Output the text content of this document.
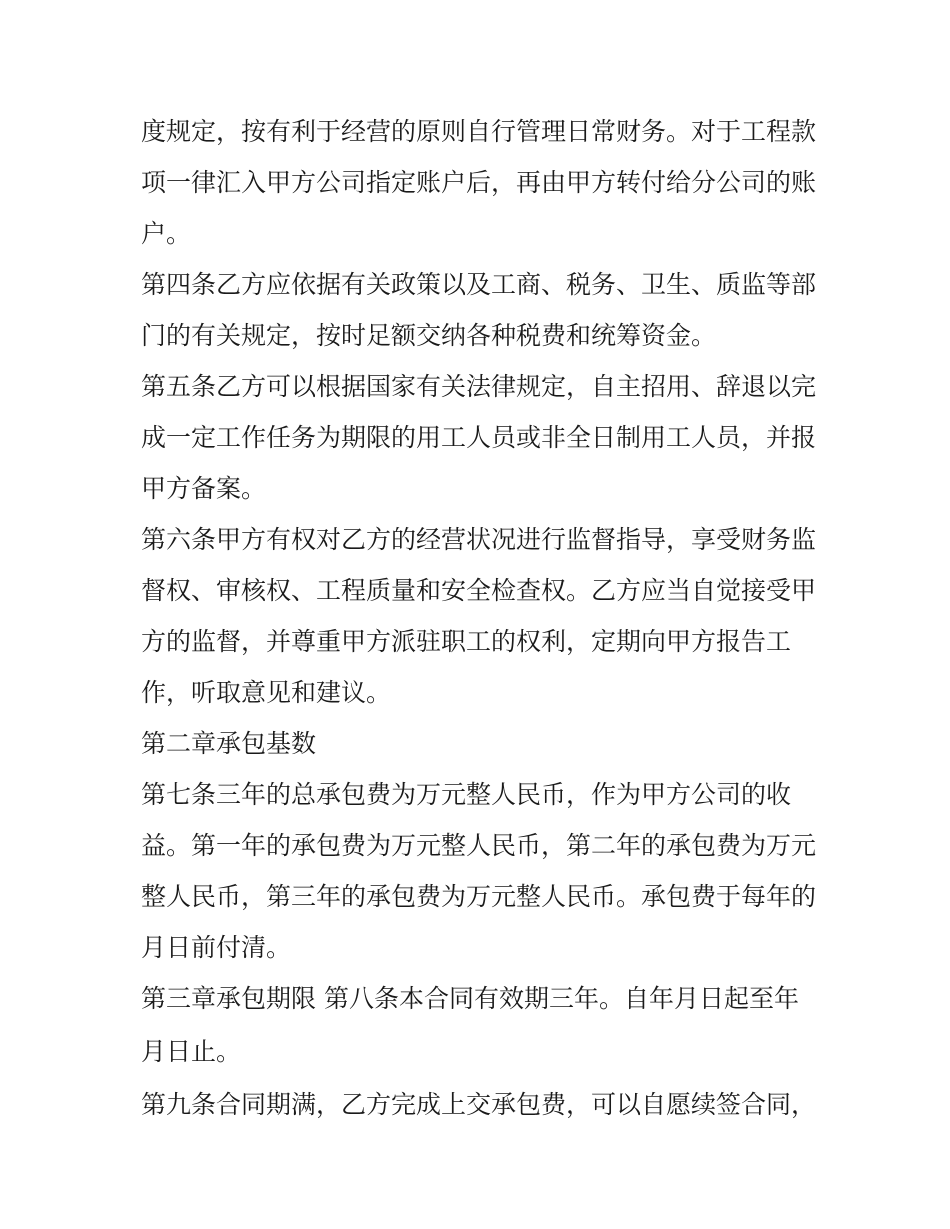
度规定，按有利于经营的原则自行管理日常财务。对于工程款
项一律汇入甲方公司指定账户后，再由甲方转付给分公司的账
户。
第四条乙方应依据有关政策以及工商、税务、卫生、质监等部
门的有关规定，按时足额交纳各种税费和统筹资金。
第五条乙方可以根据国家有关法律规定，自主招用、辞退以完
成一定工作任务为期限的用工人员或非全日制用工人员，并报
甲方备案。
第六条甲方有权对乙方的经营状况进行监督指导，享受财务监
督权、审核权、工程质量和安全检查权。乙方应当自觉接受甲
方的监督，并尊重甲方派驻职工的权利，定期向甲方报告工
作，听取意见和建议。
第二章承包基数
第七条三年的总承包费为万元整人民币，作为甲方公司的收
益。第一年的承包费为万元整人民币，第二年的承包费为万元
整人民币，第三年的承包费为万元整人民币。承包费于每年的
月日前付清。
第三章承包期限 第八条本合同有效期三年。自年月日起至年
月日止。
第九条合同期满，乙方完成上交承包费，可以自愿续签合同，
